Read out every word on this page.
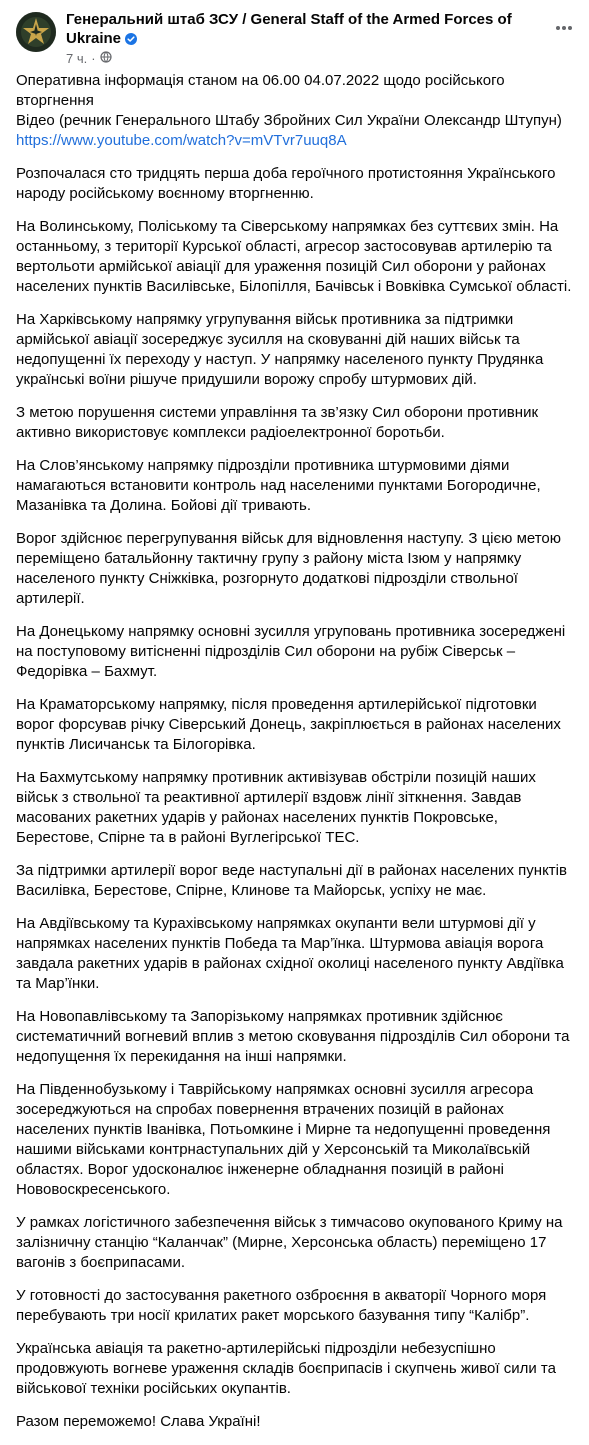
Генеральний штаб ЗСУ / General Staff of the Armed Forces of Ukraine
7 ч. ·

Оперативна інформація станом на 06.00 04.07.2022 щодо російського вторгнення
Відео (речник Генерального Штабу Збройних Сил України Олександр Штупун)
https://www.youtube.com/watch?v=mVTvr7uuq8A

Розпочалася сто тридцять перша доба героїчного протистояння Українського народу російському воєнному вторгненню.

На Волинському, Поліському та Сіверському напрямках без суттєвих змін. На останньому, з території Курської області, агресор застосовував артилерію та вертольоти армійської авіації для ураження позицій Сил оборони у районах населених пунктів Василівське, Білопілля, Бачівськ і Вовківка Сумської області.

На Харківському напрямку угрупування військ противника за підтримки армійської авіації зосереджує зусилля на сковуванні дій наших військ та недопущенні їх переходу у наступ. У напрямку населеного пункту Прудянка українські воїни рішуче придушили ворожу спробу штурмових дій.

З метою порушення системи управління та зв’язку Сил оборони противник активно використовує комплекси радіоелектронної боротьби.

На Слов’янському напрямку підрозділи противника штурмовими діями намагаються встановити контроль над населеними пунктами Богородичне, Мазанівка та Долина. Бойові дії тривають.

Ворог здійснює перегрупування військ для відновлення наступу. З цією метою переміщено батальйонну тактичну групу з району міста Ізюм у напрямку населеного пункту Сніжківка, розгорнуто додаткові підрозділи ствольної артилерії.

На Донецькому напрямку основні зусилля угруповань противника зосереджені на поступовому витісненні підрозділів Сил оборони на рубіж Сіверськ – Федорівка – Бахмут.

На Краматорському напрямку, після проведення артилерійської підготовки ворог форсував річку Сіверський Донець, закріплюється в районах населених пунктів Лисичанськ та Білогорівка.

На Бахмутському напрямку противник активізував обстріли позицій наших військ з ствольної та реактивної артилерії вздовж лінії зіткнення. Завдав масованих ракетних ударів у районах населених пунктів Покровське, Берестове, Спірне та в районі Вуглегірської ТЕС.

За підтримки артилерії ворог веде наступальні дії в районах населених пунктів Василівка, Берестове, Спірне, Клинове та Майорськ, успіху не має.

На Авдіївському та Курахівському напрямках окупанти вели штурмові дії у напрямках населених пунктів Победа та Мар’їнка. Штурмова авіація ворога завдала ракетних ударів в районах східної околиці населеного пункту Авдіївка та Мар’їнки.

На Новопавлівському та Запорізькому напрямках противник здійснює систематичний вогневий вплив з метою сковування підрозділів Сил оборони та недопущення їх перекидання на інші напрямки.

На Південнобузькому і Таврійському напрямках основні зусилля агресора зосереджуються на спробах повернення втрачених позицій в районах населених пунктів Іванівка, Потьомкине і Мирне та недопущенні проведення нашими військами контрнаступальних дій у Херсонській та Миколаївській областях. Ворог удосконалює інженерне обладнання позицій в районі Нововоскресенського.

У рамках логістичного забезпечення військ з тимчасово окупованого Криму на залізничну станцію “Каланчак” (Мирне, Херсонська область) переміщено 17 вагонів з боєприпасами.

У готовності до застосування ракетного озброєння в акваторії Чорного моря перебувають три носії крилатих ракет морського базування типу “Калібр”.

Українська авіація та ракетно-артилерійські підрозділи небезуспішно продовжують вогневе ураження складів боєприпасів і скупчень живої сили та військової техніки російських окупантів.

Разом переможемо! Слава Україні!
